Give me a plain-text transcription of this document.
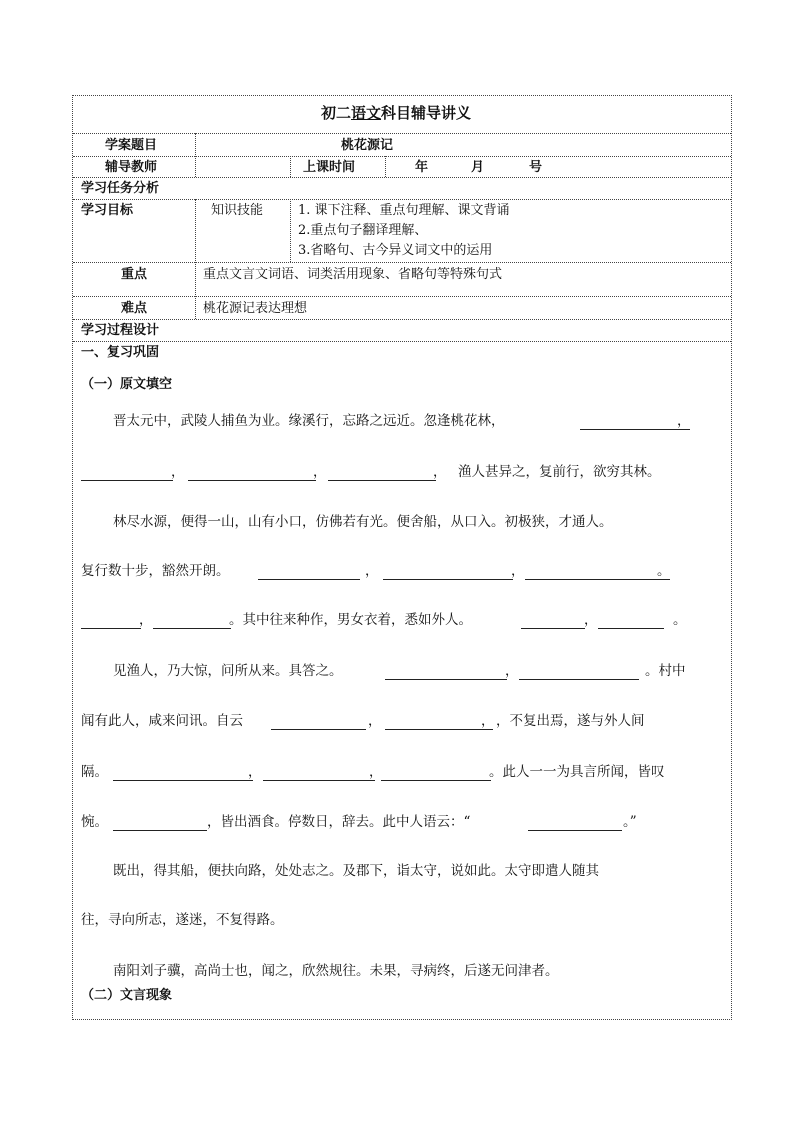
初二语文科目辅导讲义
学案题目	桃花源记
辅导教师	上课时间	年	月	号
学习任务分析
学习目标	知识技能	1. 课下注释、重点句理解、课文背诵
2.重点句子翻译理解、
3.省略句、古今异义词文中的运用
重点	重点文言文词语、词类活用现象、省略句等特殊句式
难点	桃花源记表达理想
学习过程设计
一、复习巩固
（一）原文填空
晋太元中，武陵人捕鱼为业。缘溪行，忘路之远近。忽逢桃花林，	，
，	，	， 渔人甚异之，复前行，欲穷其林。
林尽水源，便得一山，山有小口，仿佛若有光。便舍船，从口入。初极狭，才通人。
复行数十步，豁然开朗。	，	，	。
，	。其中往来种作，男女衣着，悉如外人。	，	。
见渔人，乃大惊，问所从来。具答之。	，	。村中
闻有此人，咸来问讯。自云	，	， ，不复出焉，遂与外人间
隔。	，	，	。此人一一为具言所闻，皆叹
惋。	，皆出酒食。停数日，辞去。此中人语云：“	。”
既出，得其船，便扶向路，处处志之。及郡下，诣太守，说如此。太守即遣人随其
往，寻向所志，遂迷，不复得路。
南阳刘子骥，高尚士也，闻之，欣然规往。未果，寻病终，后遂无问津者。
（二）文言现象
